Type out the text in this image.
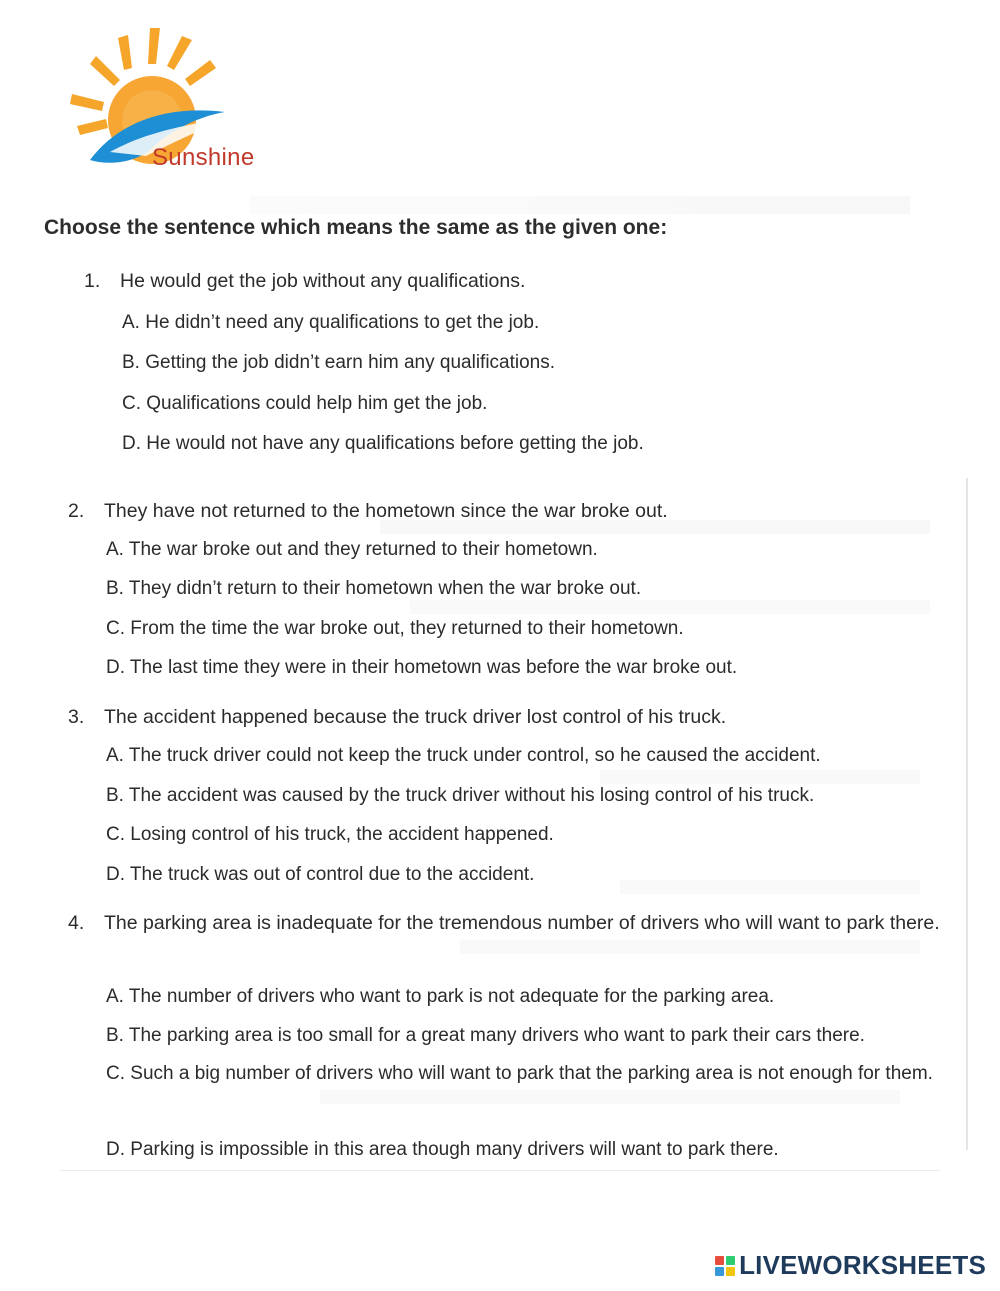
Sunshine
Choose the sentence which means the same as the given one:
1. He would get the job without any qualifications.
A. He didn’t need any qualifications to get the job.
B. Getting the job didn’t earn him any qualifications.
C. Qualifications could help him get the job.
D. He would not have any qualifications before getting the job.
2. They have not returned to the hometown since the war broke out.
A. The war broke out and they returned to their hometown.
B. They didn’t return to their hometown when the war broke out.
C. From the time the war broke out, they returned to their hometown.
D. The last time they were in their hometown was before the war broke out.
3. The accident happened because the truck driver lost control of his truck.
A. The truck driver could not keep the truck under control, so he caused the accident.
B. The accident was caused by the truck driver without his losing control of his truck.
C. Losing control of his truck, the accident happened.
D. The truck was out of control due to the accident.
4. The parking area is inadequate for the tremendous number of drivers who will want to park there.
A. The number of drivers who want to park is not adequate for the parking area.
B. The parking area is too small for a great many drivers who want to park their cars there.
C. Such a big number of drivers who will want to park that the parking area is not enough for them.
D. Parking is impossible in this area though many drivers will want to park there.
LIVEWORKSHEETS
